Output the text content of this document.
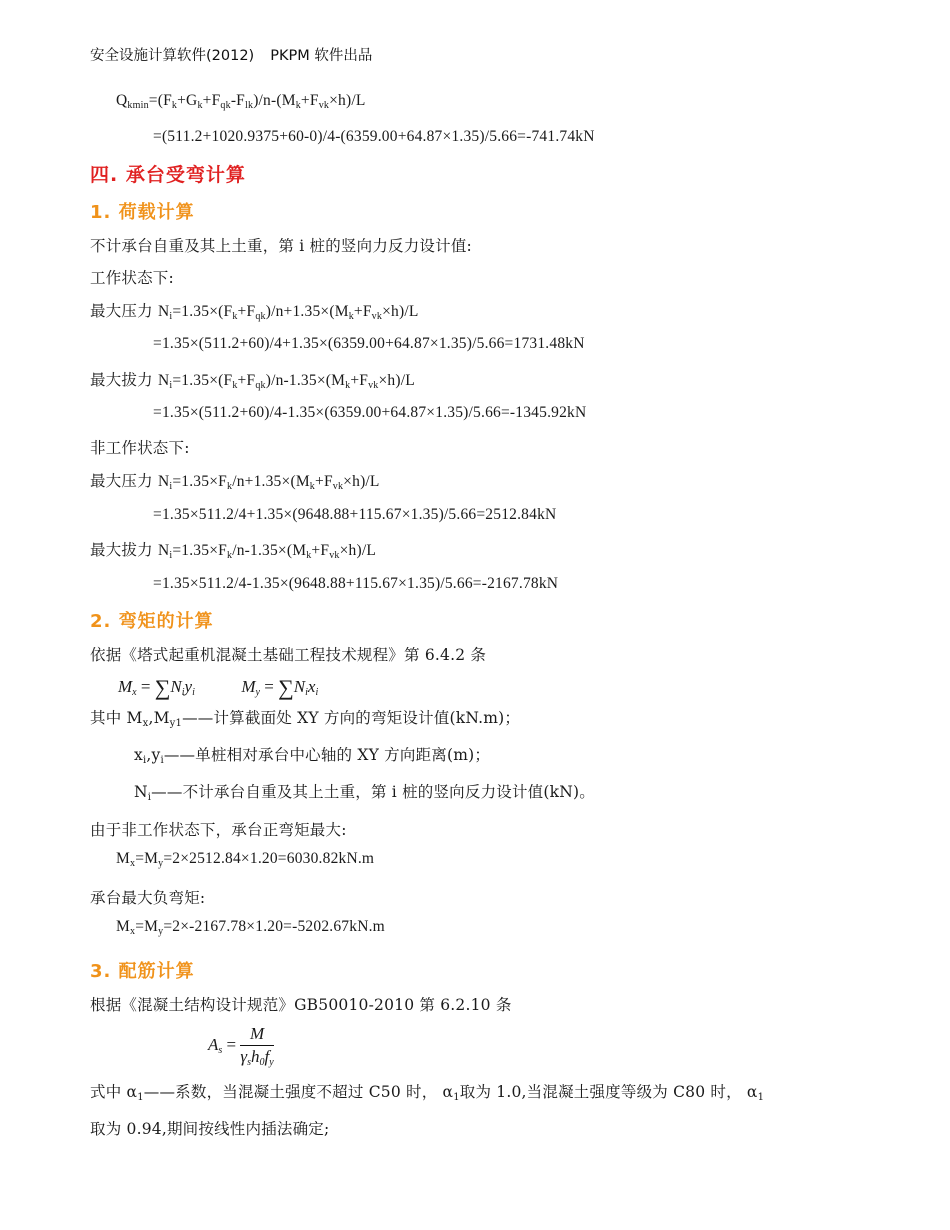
安全设施计算软件(2012) PKPM 软件出品
$Q_{kmin}=(F_k+G_k+F_{qk}-F_{lk})/n-(M_k+F_{vk}\times h)/L$
=(511.2+1020.9375+60-0)/4-(6359.00+64.87×1.35)/5.66=-741.74kN
四. 承台受弯计算
1. 荷载计算
不计承台自重及其上土重，第 i 桩的竖向力反力设计值:
工作状态下:
最大压力 $N_i=1.35\times(F_k+F_{qk})/n+1.35\times(M_k+F_{vk}\times h)/L$
=1.35×(511.2+60)/4+1.35×(6359.00+64.87×1.35)/5.66=1731.48kN
最大拔力 $N_i=1.35\times(F_k+F_{qk})/n-1.35\times(M_k+F_{vk}\times h)/L$
=1.35×(511.2+60)/4-1.35×(6359.00+64.87×1.35)/5.66=-1345.92kN
非工作状态下:
最大压力 $N_i=1.35\times F_k/n+1.35\times(M_k+F_{vk}\times h)/L$
=1.35×511.2/4+1.35×(9648.88+115.67×1.35)/5.66=2512.84kN
最大拔力 $N_i=1.35\times F_k/n-1.35\times(M_k+F_{vk}\times h)/L$
=1.35×511.2/4-1.35×(9648.88+115.67×1.35)/5.66=-2167.78kN
2. 弯矩的计算
依据《塔式起重机混凝土基础工程技术规程》第 6.4.2 条
$M_x = \sum N_iy_i$  $M_y = \sum N_ix_i$
其中 $M_x,M_{y1}——$计算截面处 XY 方向的弯矩设计值(kN.m)；
$x_i,y_i——$单桩相对承台中心轴的 XY 方向距离(m)；
$N_i——$不计承台自重及其上土重，第 i 桩的竖向反力设计值(kN)。
由于非工作状态下，承台正弯矩最大:
$M_x=M_y=2\times 2512.84\times 1.20=6030.82kN.m$
承台最大负弯矩:
$M_x=M_y=2\times-2167.78\times 1.20=-5202.67kN.m$
3. 配筋计算
根据《混凝土结构设计规范》GB50010-2010 第 6.2.10 条
$A_s = \frac{M}{\gamma_sh_0f_y}$
式中 $\alpha_1——$系数，当混凝土强度不超过 C50 时， $\alpha_1$取为 1.0,当混凝土强度等级为 C80 时， $\alpha_1$
取为 0.94,期间按线性内插法确定;
